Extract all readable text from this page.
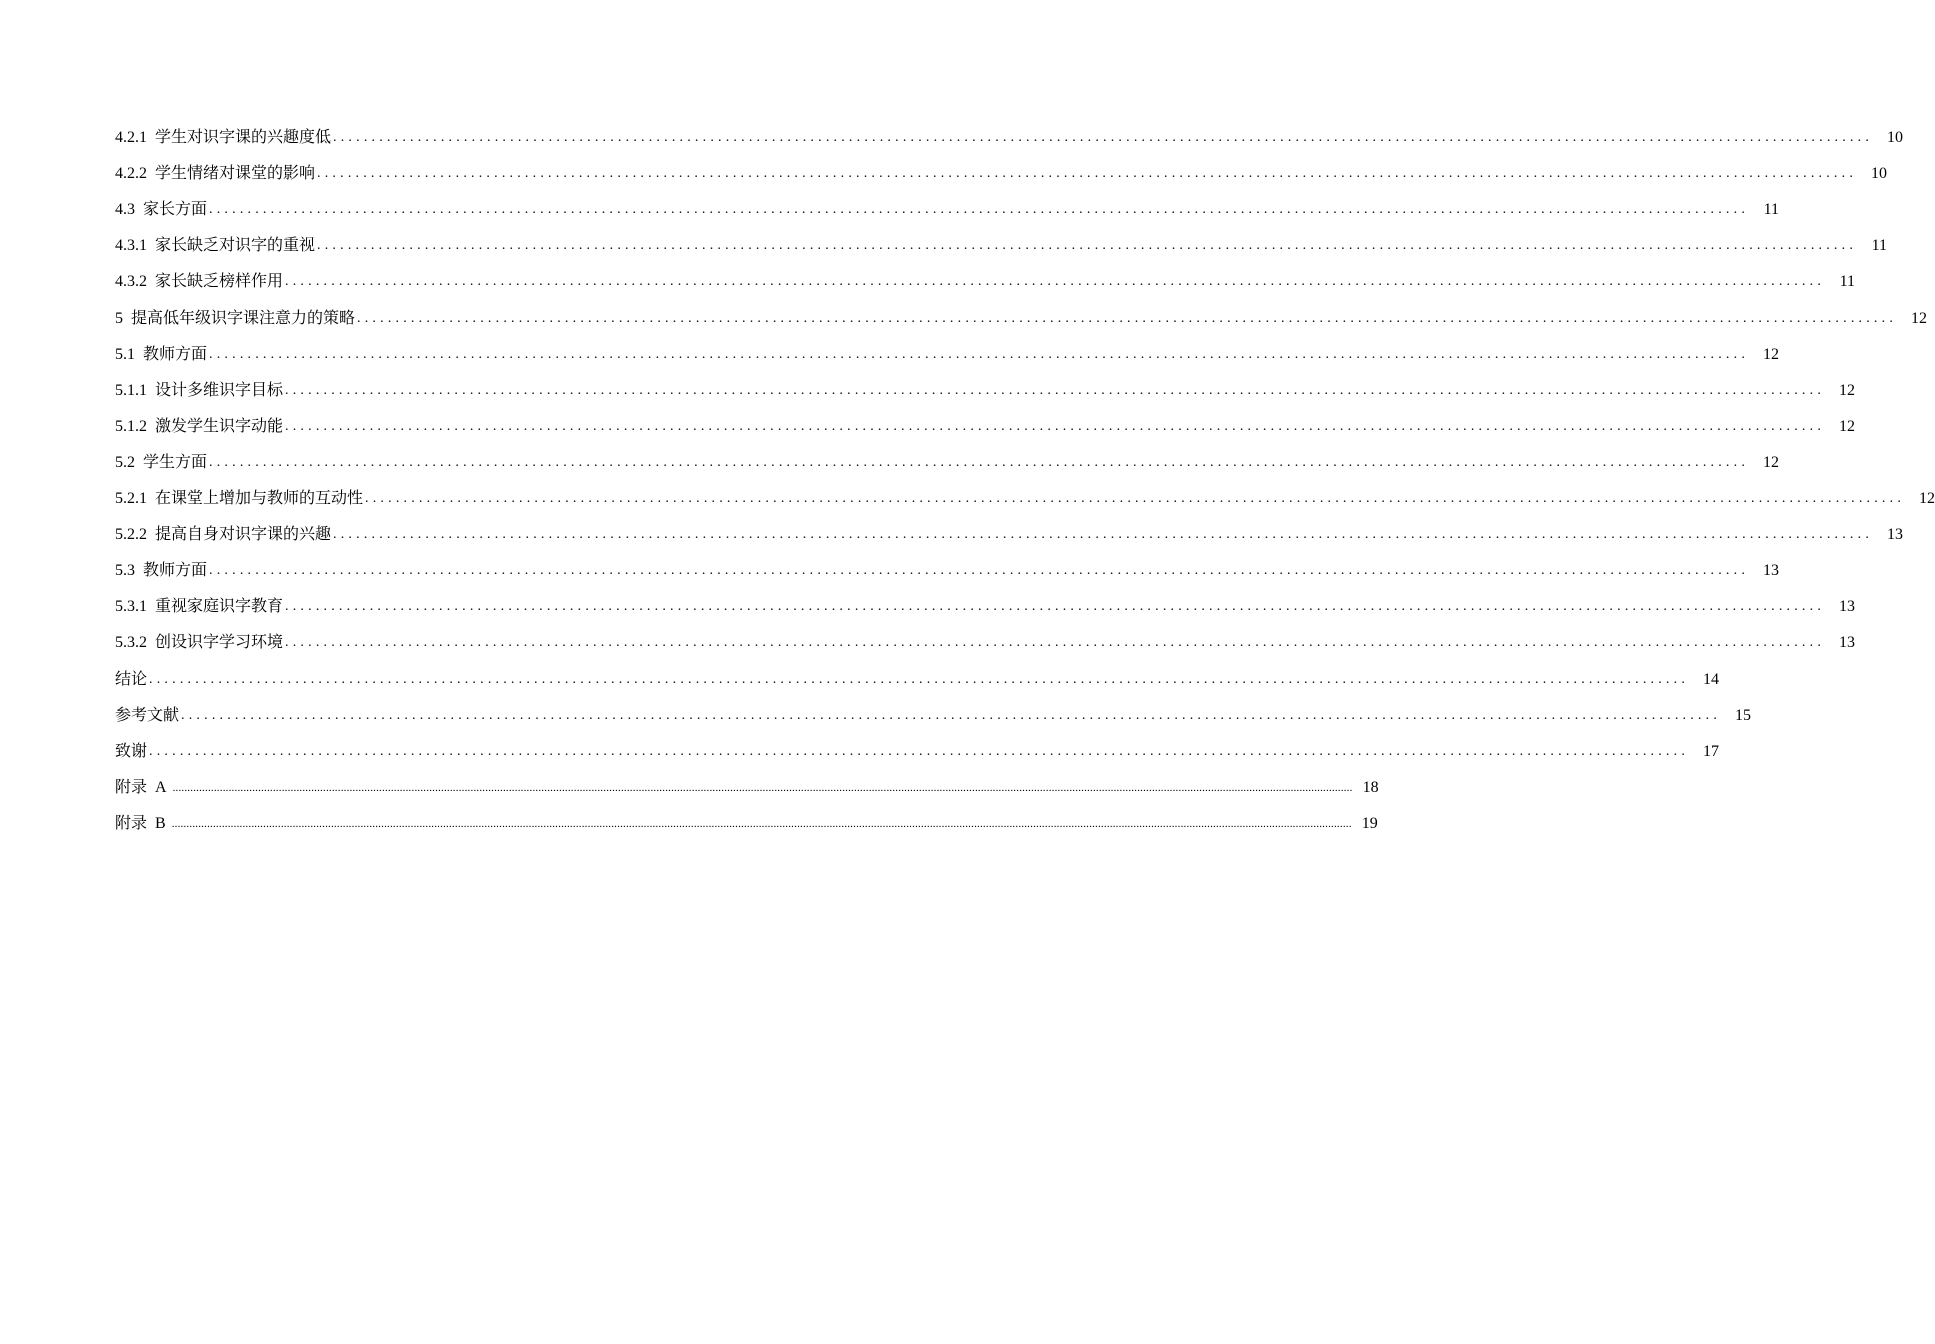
4.2.1  学生对识字课的兴趣度低 ........................................................................................................................................................................................................ 10
4.2.2  学生情绪对课堂的影响 ........................................................................................................................................................................................................ 10
4.3  家长方面 ........................................................................................................................................................................................................ 11
4.3.1  家长缺乏对识字的重视 ........................................................................................................................................................................................................ 11
4.3.2  家长缺乏榜样作用 ........................................................................................................................................................................................................ 11
5  提高低年级识字课注意力的策略 ........................................................................................................................................................................................................ 12
5.1  教师方面 ........................................................................................................................................................................................................ 12
5.1.1  设计多维识字目标 ........................................................................................................................................................................................................ 12
5.1.2  激发学生识字动能 ........................................................................................................................................................................................................ 12
5.2  学生方面 ........................................................................................................................................................................................................ 12
5.2.1  在课堂上增加与教师的互动性 ........................................................................................................................................................................................................ 12
5.2.2  提高自身对识字课的兴趣 ........................................................................................................................................................................................................ 13
5.3  教师方面 ........................................................................................................................................................................................................ 13
5.3.1  重视家庭识字教育 ........................................................................................................................................................................................................ 13
5.3.2  创设识字学习环境 ........................................................................................................................................................................................................ 13
结论 ........................................................................................................................................................................................................ 14
参考文献 ........................................................................................................................................................................................................ 15
致谢 ........................................................................................................................................................................................................ 17
附录  A ................................................................................................................................................................................................................................................................................................................................................................................................................ 18
附录  B ................................................................................................................................................................................................................................................................................................................................................................................................................ 19
